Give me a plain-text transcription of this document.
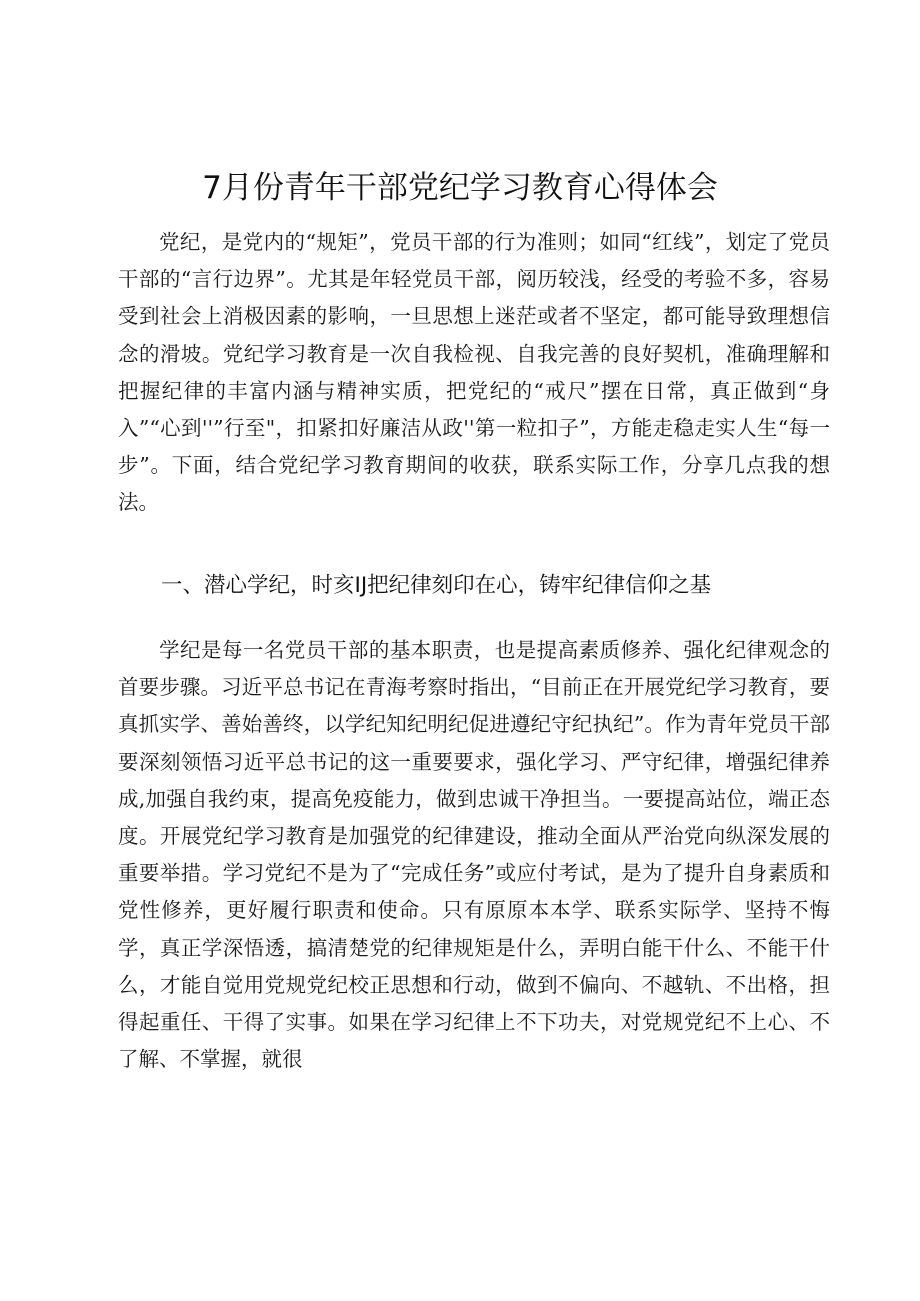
7月份青年干部党纪学习教育心得体会

党纪，是党内的“规矩”，党员干部的行为准则；如同“红线”，划定了党员干部的“言行边界”。尤其是年轻党员干部，阅历较浅，经受的考验不多，容易受到社会上消极因素的影响，一旦思想上迷茫或者不坚定，都可能导致理想信念的滑坡。党纪学习教育是一次自我检视、自我完善的良好契机，准确理解和把握纪律的丰富内涵与精神实质，把党纪的“戒尺”摆在日常，真正做到“身入”“心到''”行至"，扣紧扣好廉洁从政''第一粒扣子”，方能走稳走实人生“每一步”。下面，结合党纪学习教育期间的收获，联系实际工作，分享几点我的想法。

一、潜心学纪，时亥IJ把纪律刻印在心，铸牢纪律信仰之基

学纪是每一名党员干部的基本职责，也是提高素质修养、强化纪律观念的首要步骤。习近平总书记在青海考察时指出，“目前正在开展党纪学习教育，要真抓实学、善始善终，以学纪知纪明纪促进遵纪守纪执纪”。作为青年党员干部要深刻领悟习近平总书记的这一重要要求，强化学习、严守纪律，增强纪律养成,加强自我约束，提高免疫能力，做到忠诚干净担当。一要提高站位，端正态度。开展党纪学习教育是加强党的纪律建设，推动全面从严治党向纵深发展的重要举措。学习党纪不是为了“完成任务”或应付考试，是为了提升自身素质和党性修养，更好履行职责和使命。只有原原本本学、联系实际学、坚持不悔学，真正学深悟透，搞清楚党的纪律规矩是什么，弄明白能干什么、不能干什么，才能自觉用党规党纪校正思想和行动，做到不偏向、不越轨、不出格，担得起重任、干得了实事。如果在学习纪律上不下功夫，对党规党纪不上心、不了解、不掌握，就很
